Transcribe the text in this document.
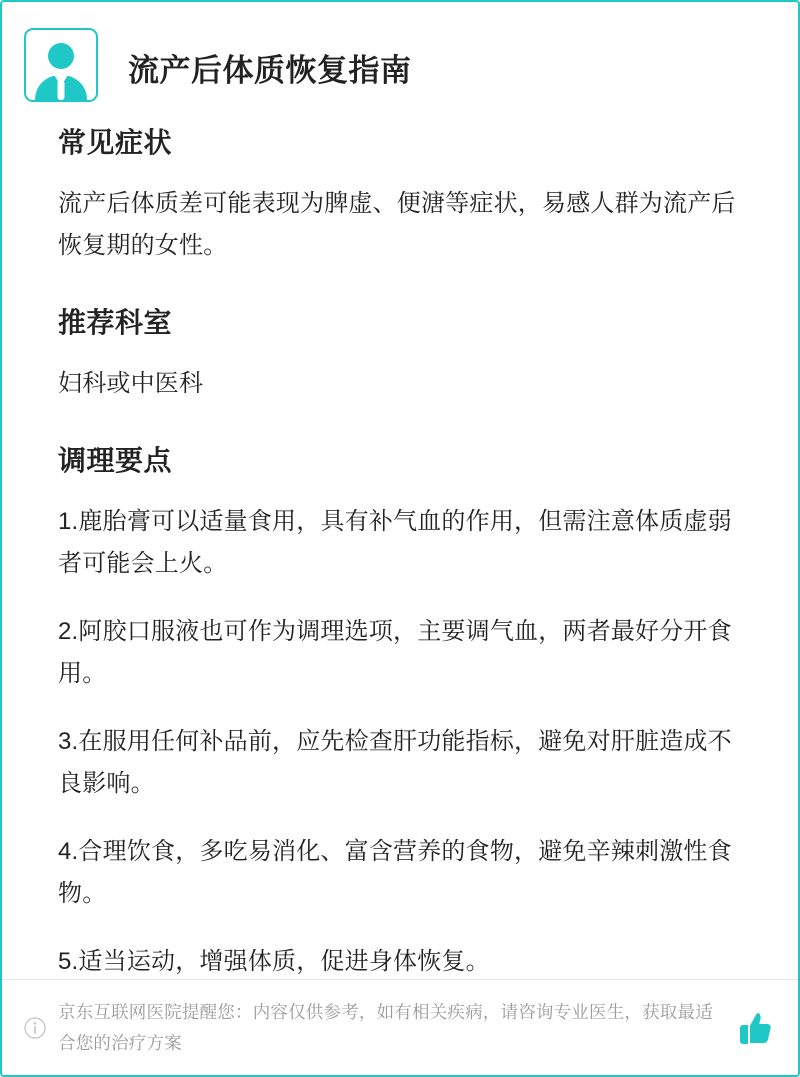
流产后体质恢复指南
常见症状

流产后体质差可能表现为脾虚、便溏等症状，易感人群为流产后恢复期的女性。

推荐科室

妇科或中医科

调理要点

1.鹿胎膏可以适量食用，具有补气血的作用，但需注意体质虚弱者可能会上火。

2.阿胶口服液也可作为调理选项，主要调气血，两者最好分开食用。

3.在服用任何补品前，应先检查肝功能指标，避免对肝脏造成不良影响。

4.合理饮食，多吃易消化、富含营养的食物，避免辛辣刺激性食物。

5.适当运动，增强体质，促进身体恢复。

京东互联网医院提醒您：内容仅供参考，如有相关疾病，请咨询专业医生，获取最适合您的治疗方案
